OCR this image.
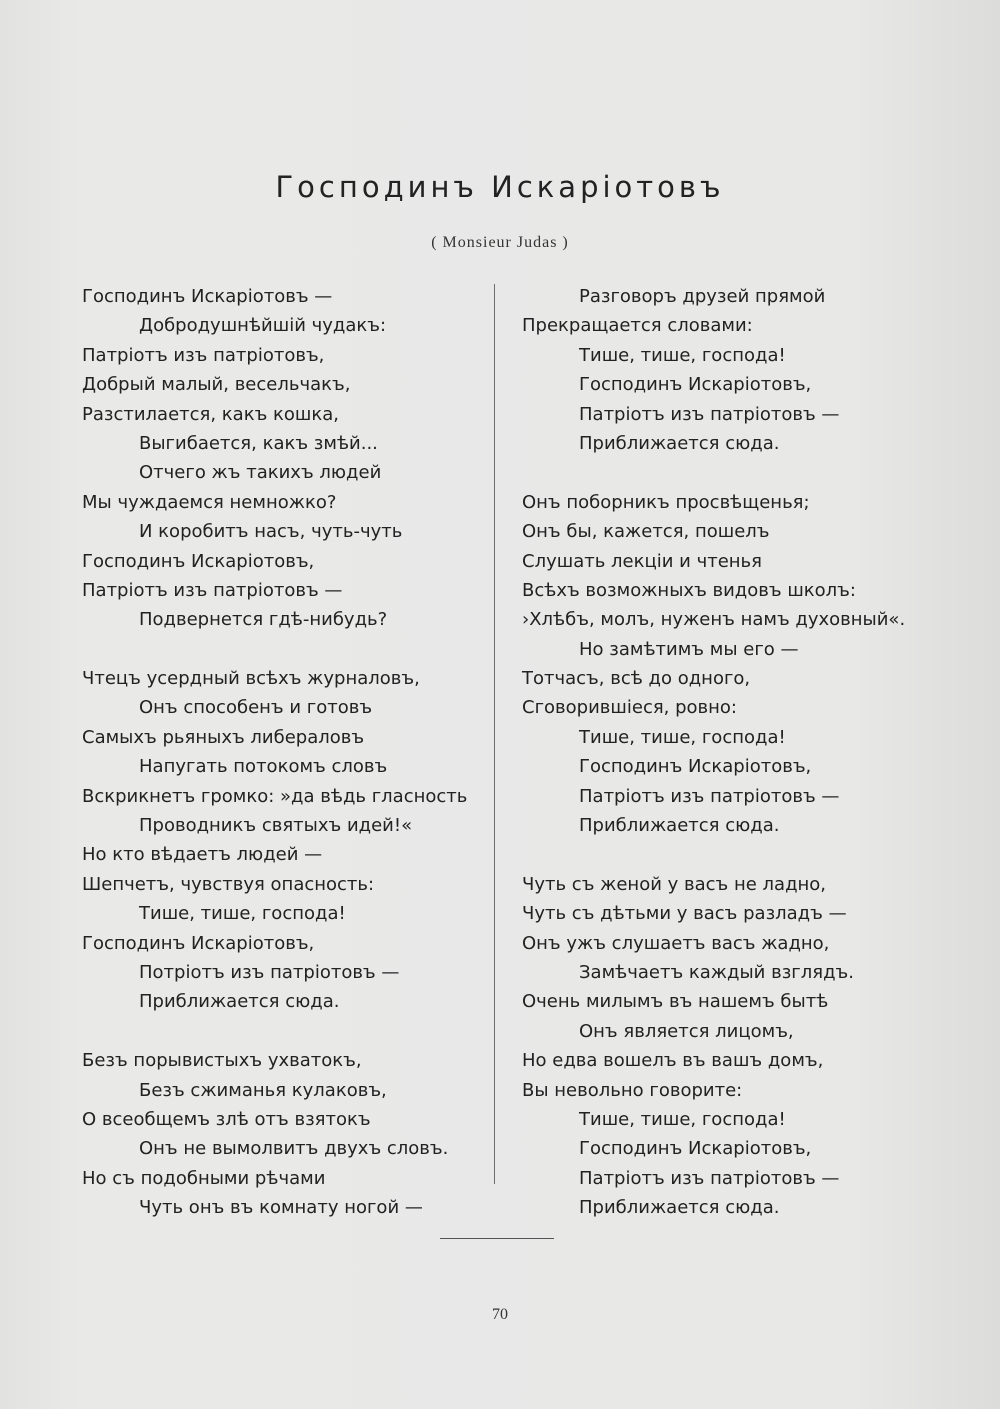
Господинъ Искаріотовъ
( Monsieur Judas )
Господинъ Искаріотовъ —
Добродушнѣйшій чудакъ:
Патріотъ изъ патріотовъ,
Добрый малый, весельчакъ,
Разстилается, какъ кошка,
Выгибается, какъ змѣй...
Отчего жъ такихъ людей
Мы чуждаемся немножко?
И коробитъ насъ, чуть-чуть
Господинъ Искаріотовъ,
Патріотъ изъ патріотовъ —
Подвернется гдѣ-нибудь?
Чтецъ усердный всѣхъ журналовъ,
Онъ способенъ и готовъ
Самыхъ рьяныхъ либераловъ
Напугать потокомъ словъ
Вскрикнетъ громко: »да вѣдь гласность
Проводникъ святыхъ идей!«
Но кто вѣдаетъ людей —
Шепчетъ, чувствуя опасность:
Тише, тише, господа!
Господинъ Искаріотовъ,
Потріотъ изъ патріотовъ —
Приближается сюда.
Безъ порывистыхъ ухватокъ,
Безъ сжиманья кулаковъ,
О всеобщемъ злѣ отъ взятокъ
Онъ не вымолвитъ двухъ словъ.
Но съ подобными рѣчами
Чуть онъ въ комнату ногой —
Разговоръ друзей прямой
Прекращается словами:
Тише, тише, господа!
Господинъ Искаріотовъ,
Патріотъ изъ патріотовъ —
Приближается сюда.
Онъ поборникъ просвѣщенья;
Онъ бы, кажется, пошелъ
Слушать лекціи и чтенья
Всѣхъ возможныхъ видовъ школъ:
›Хлѣбъ, молъ, нуженъ намъ духовный«.
Но замѣтимъ мы его —
Тотчасъ, всѣ до одного,
Сговорившіеся, ровно:
Тише, тише, господа!
Господинъ Искаріотовъ,
Патріотъ изъ патріотовъ —
Приближается сюда.
Чуть съ женой у васъ не ладно,
Чуть съ дѣтьми у васъ разладъ —
Онъ ужъ слушаетъ васъ жадно,
Замѣчаетъ каждый взглядъ.
Очень милымъ въ нашемъ бытѣ
Онъ является лицомъ,
Но едва вошелъ въ вашъ домъ,
Вы невольно говорите:
Тише, тише, господа!
Господинъ Искаріотовъ,
Патріотъ изъ патріотовъ —
Приближается сюда.
70
